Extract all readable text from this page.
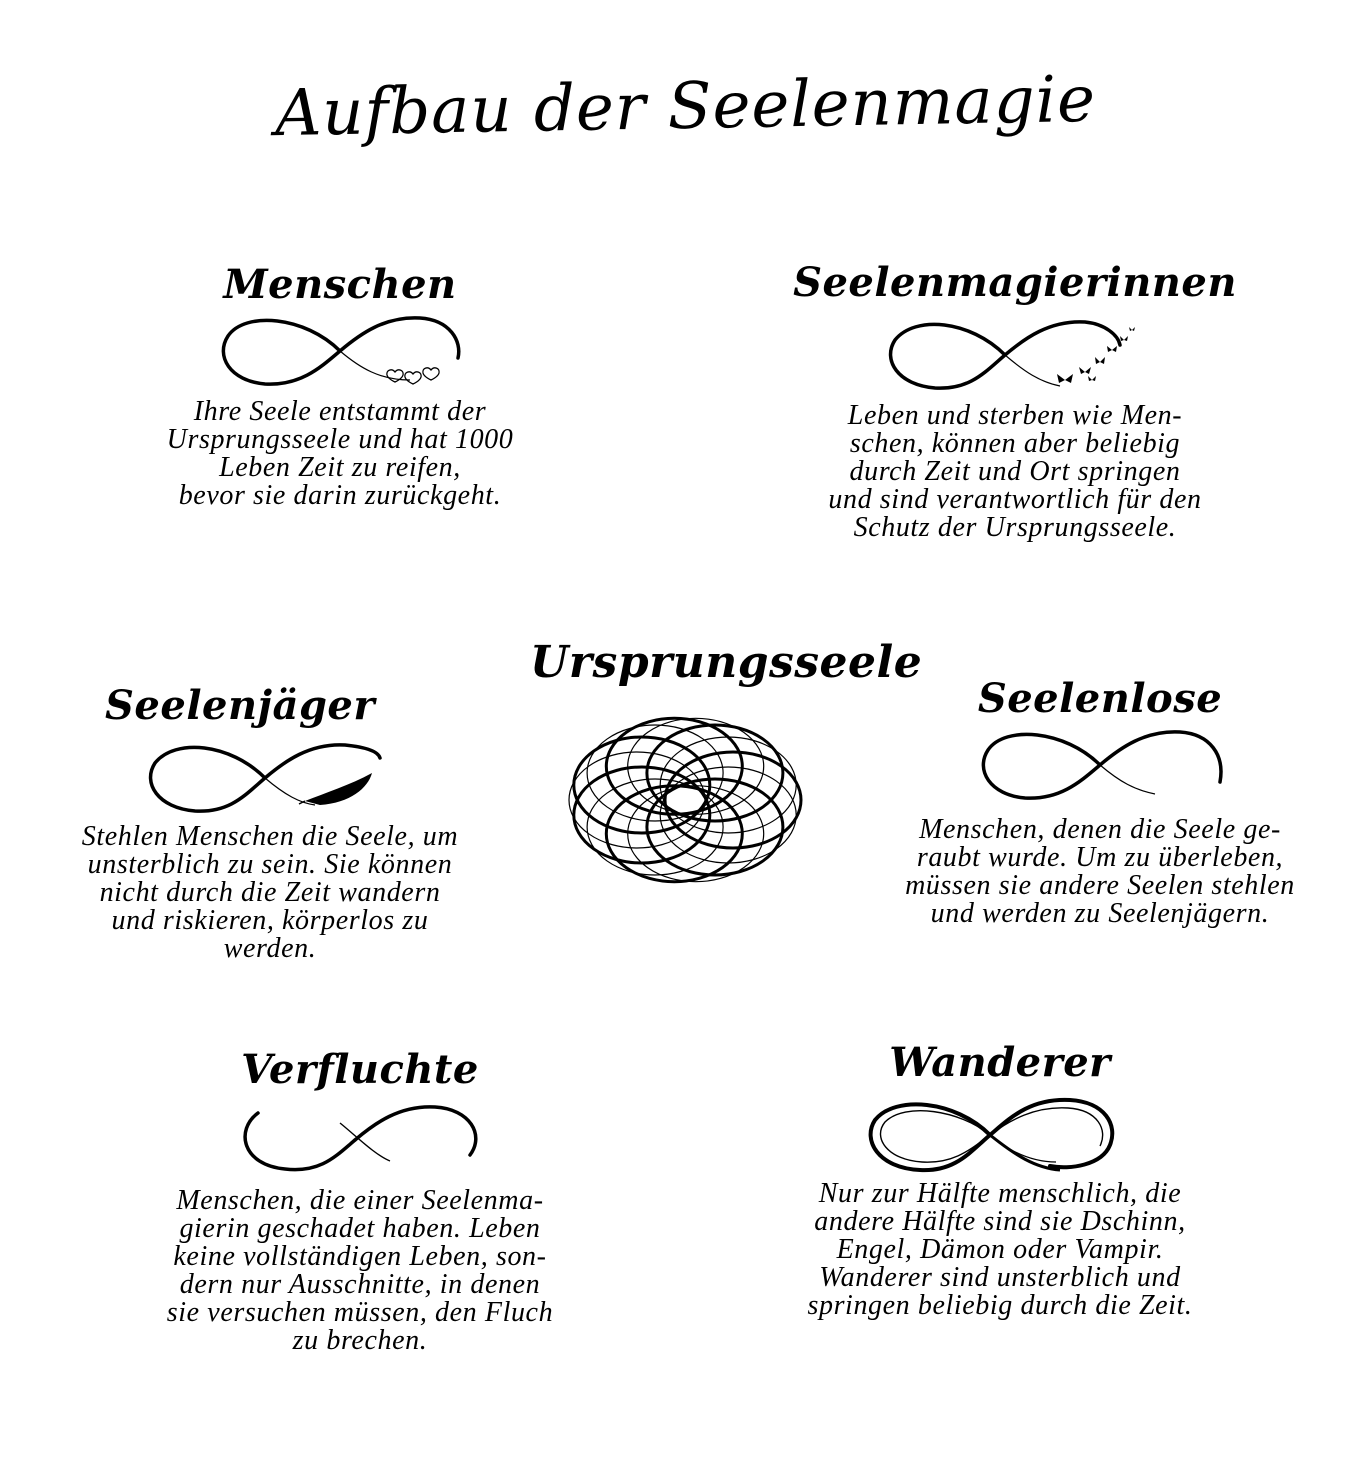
Aufbau der Seelenmagie
Menschen
Ihre Seele entstammt der
Ursprungsseele und hat 1000
Leben Zeit zu reifen,
bevor sie darin zurückgeht.
Seelenmagierinnen
Leben und sterben wie Men-
schen, können aber beliebig
durch Zeit und Ort springen
und sind verantwortlich für den
Schutz der Ursprungsseele.
Ursprungsseele
Seelenjäger
Stehlen Menschen die Seele, um
unsterblich zu sein. Sie können
nicht durch die Zeit wandern
und riskieren, körperlos zu
werden.
Seelenlose
Menschen, denen die Seele ge-
raubt wurde. Um zu überleben,
müssen sie andere Seelen stehlen
und werden zu Seelenjägern.
Verfluchte
Menschen, die einer Seelenma-
gierin geschadet haben. Leben
keine vollständigen Leben, son-
dern nur Ausschnitte, in denen
sie versuchen müssen, den Fluch
zu brechen.
Wanderer
Nur zur Hälfte menschlich, die
andere Hälfte sind sie Dschinn,
Engel, Dämon oder Vampir.
Wanderer sind unsterblich und
springen beliebig durch die Zeit.
